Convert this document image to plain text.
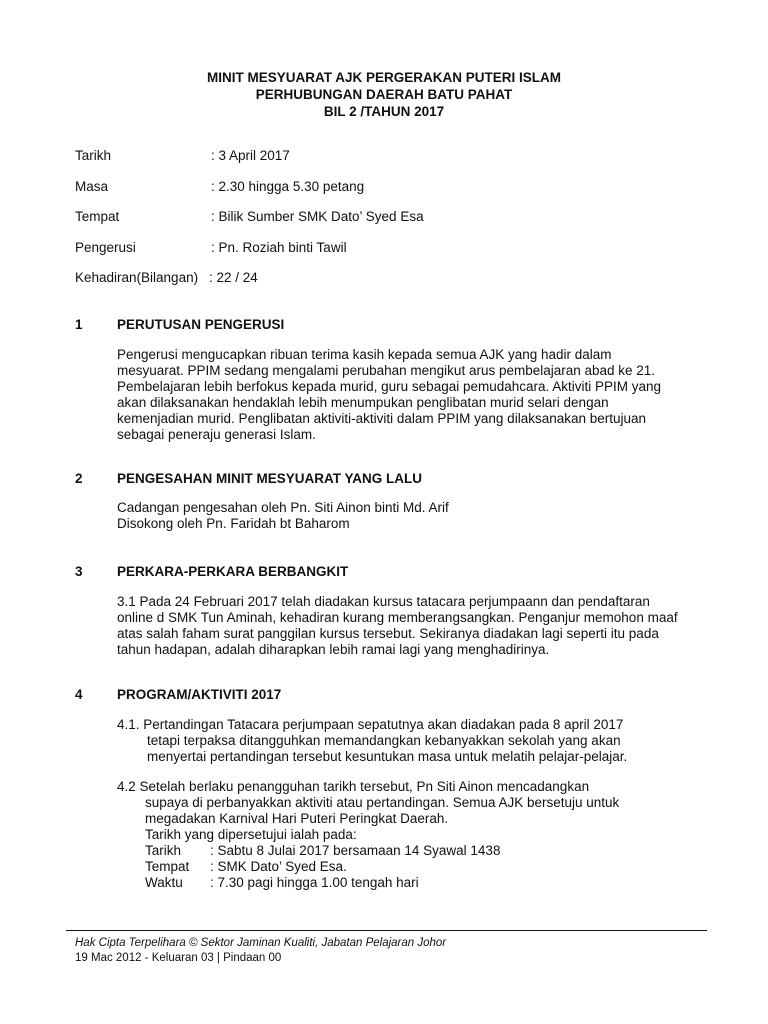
MINIT MESYUARAT AJK PERGERAKAN PUTERI ISLAM
PERHUBUNGAN DAERAH BATU PAHAT
BIL 2 /TAHUN 2017
Tarikh	: 3 April 2017
Masa	: 2.30 hingga 5.30 petang
Tempat	: Bilik Sumber SMK Dato’ Syed Esa
Pengerusi	: Pn. Roziah binti Tawil
Kehadiran(Bilangan) : 22 / 24
1	PERUTUSAN PENGERUSI
Pengerusi mengucapkan ribuan terima kasih kepada semua AJK yang hadir dalam
mesyuarat. PPIM sedang mengalami perubahan mengikut arus pembelajaran abad ke 21.
Pembelajaran lebih berfokus kepada murid, guru sebagai pemudahcara. Aktiviti PPIM yang
akan dilaksanakan hendaklah lebih menumpukan penglibatan murid selari dengan
kemenjadian murid. Penglibatan aktiviti-aktiviti dalam PPIM yang dilaksanakan bertujuan
sebagai peneraju generasi Islam.
2	PENGESAHAN MINIT MESYUARAT YANG LALU
Cadangan pengesahan oleh Pn. Siti Ainon binti Md. Arif
Disokong oleh Pn. Faridah bt Baharom
3	PERKARA-PERKARA BERBANGKIT
3.1 Pada 24 Februari 2017 telah diadakan kursus tatacara perjumpaann dan pendaftaran
online d SMK Tun Aminah, kehadiran kurang memberangsangkan. Penganjur memohon maaf
atas salah faham surat panggilan kursus tersebut. Sekiranya diadakan lagi seperti itu pada
tahun hadapan, adalah diharapkan lebih ramai lagi yang menghadirinya.
4	PROGRAM/AKTIVITI 2017
4.1. Pertandingan Tatacara perjumpaan sepatutnya akan diadakan pada 8 april 2017
tetapi terpaksa ditangguhkan memandangkan kebanyakkan sekolah yang akan
menyertai pertandingan tersebut kesuntukan masa untuk melatih pelajar-pelajar.
4.2 Setelah berlaku penangguhan tarikh tersebut, Pn Siti Ainon mencadangkan
supaya di perbanyakkan aktiviti atau pertandingan. Semua AJK bersetuju untuk
megadakan Karnival Hari Puteri Peringkat Daerah.
Tarikh yang dipersetujui ialah pada:
Tarikh : Sabtu 8 Julai 2017 bersamaan 14 Syawal 1438
Tempat : SMK Dato’ Syed Esa.
Waktu : 7.30 pagi hingga 1.00 tengah hari
Hak Cipta Terpelihara © Sektor Jaminan Kualiti, Jabatan Pelajaran Johor
19 Mac 2012 - Keluaran 03 | Pindaan 00
